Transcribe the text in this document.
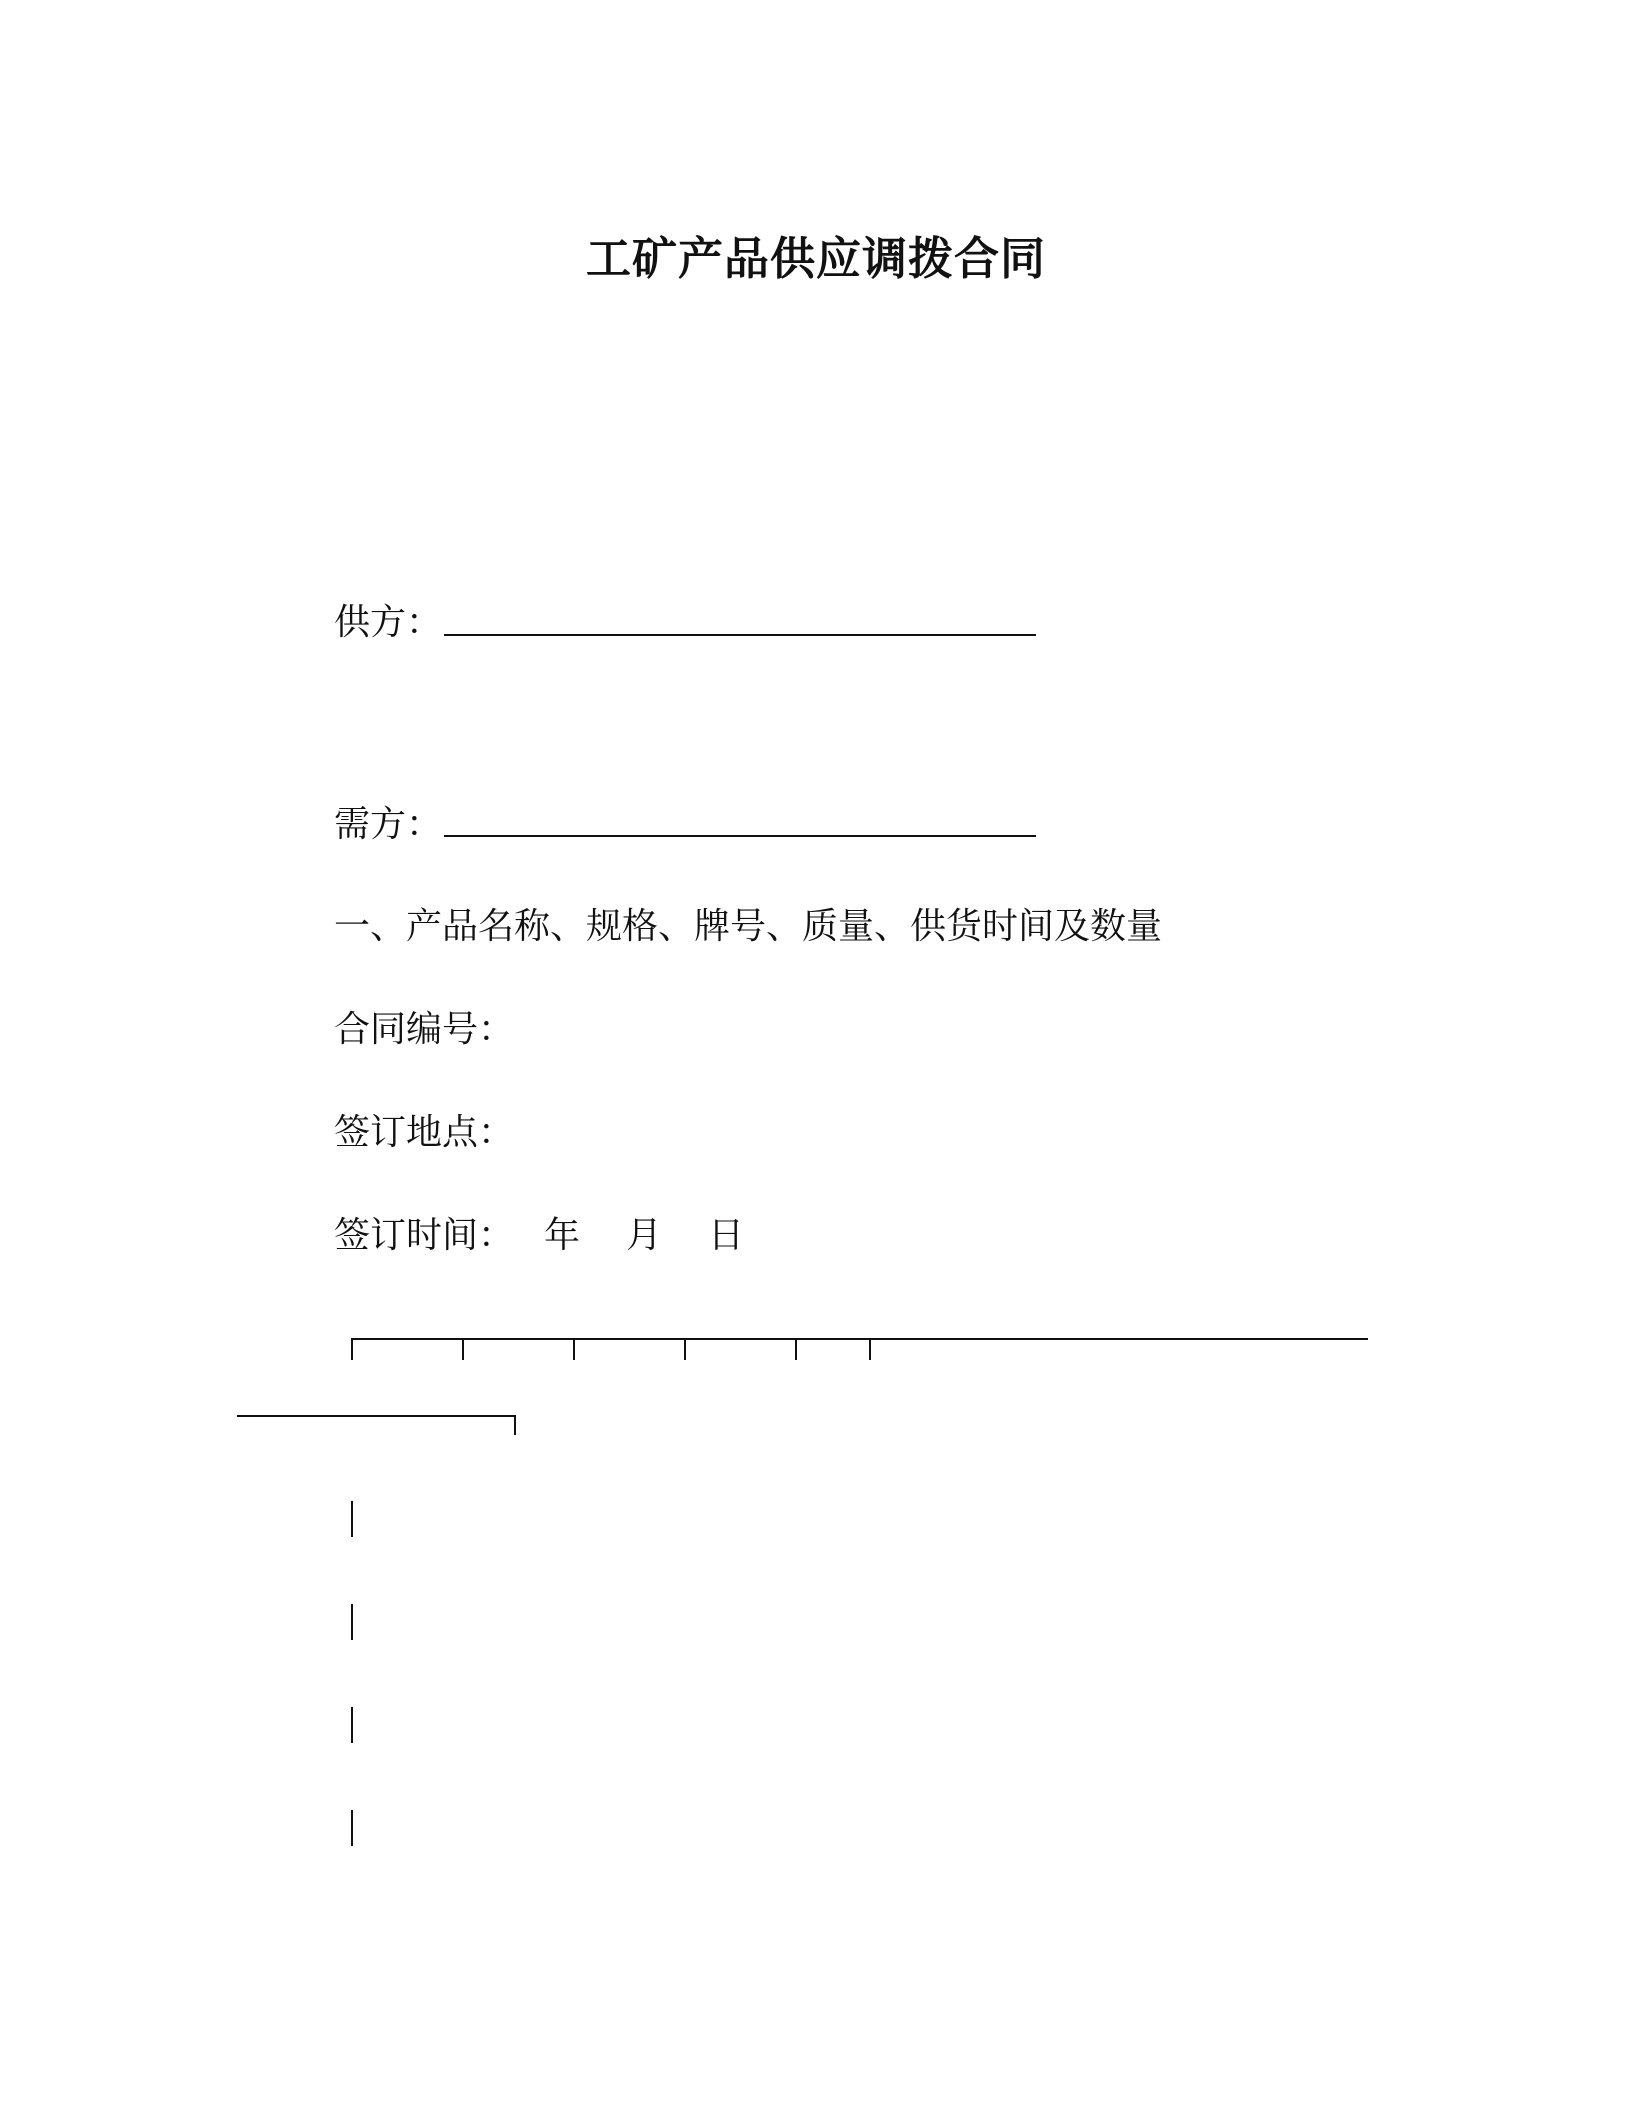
工矿产品供应调拨合同
供方：
需方：
一、产品名称、规格、牌号、质量、供货时间及数量
合同编号：
签订地点：
签订时间： 年 月 日
